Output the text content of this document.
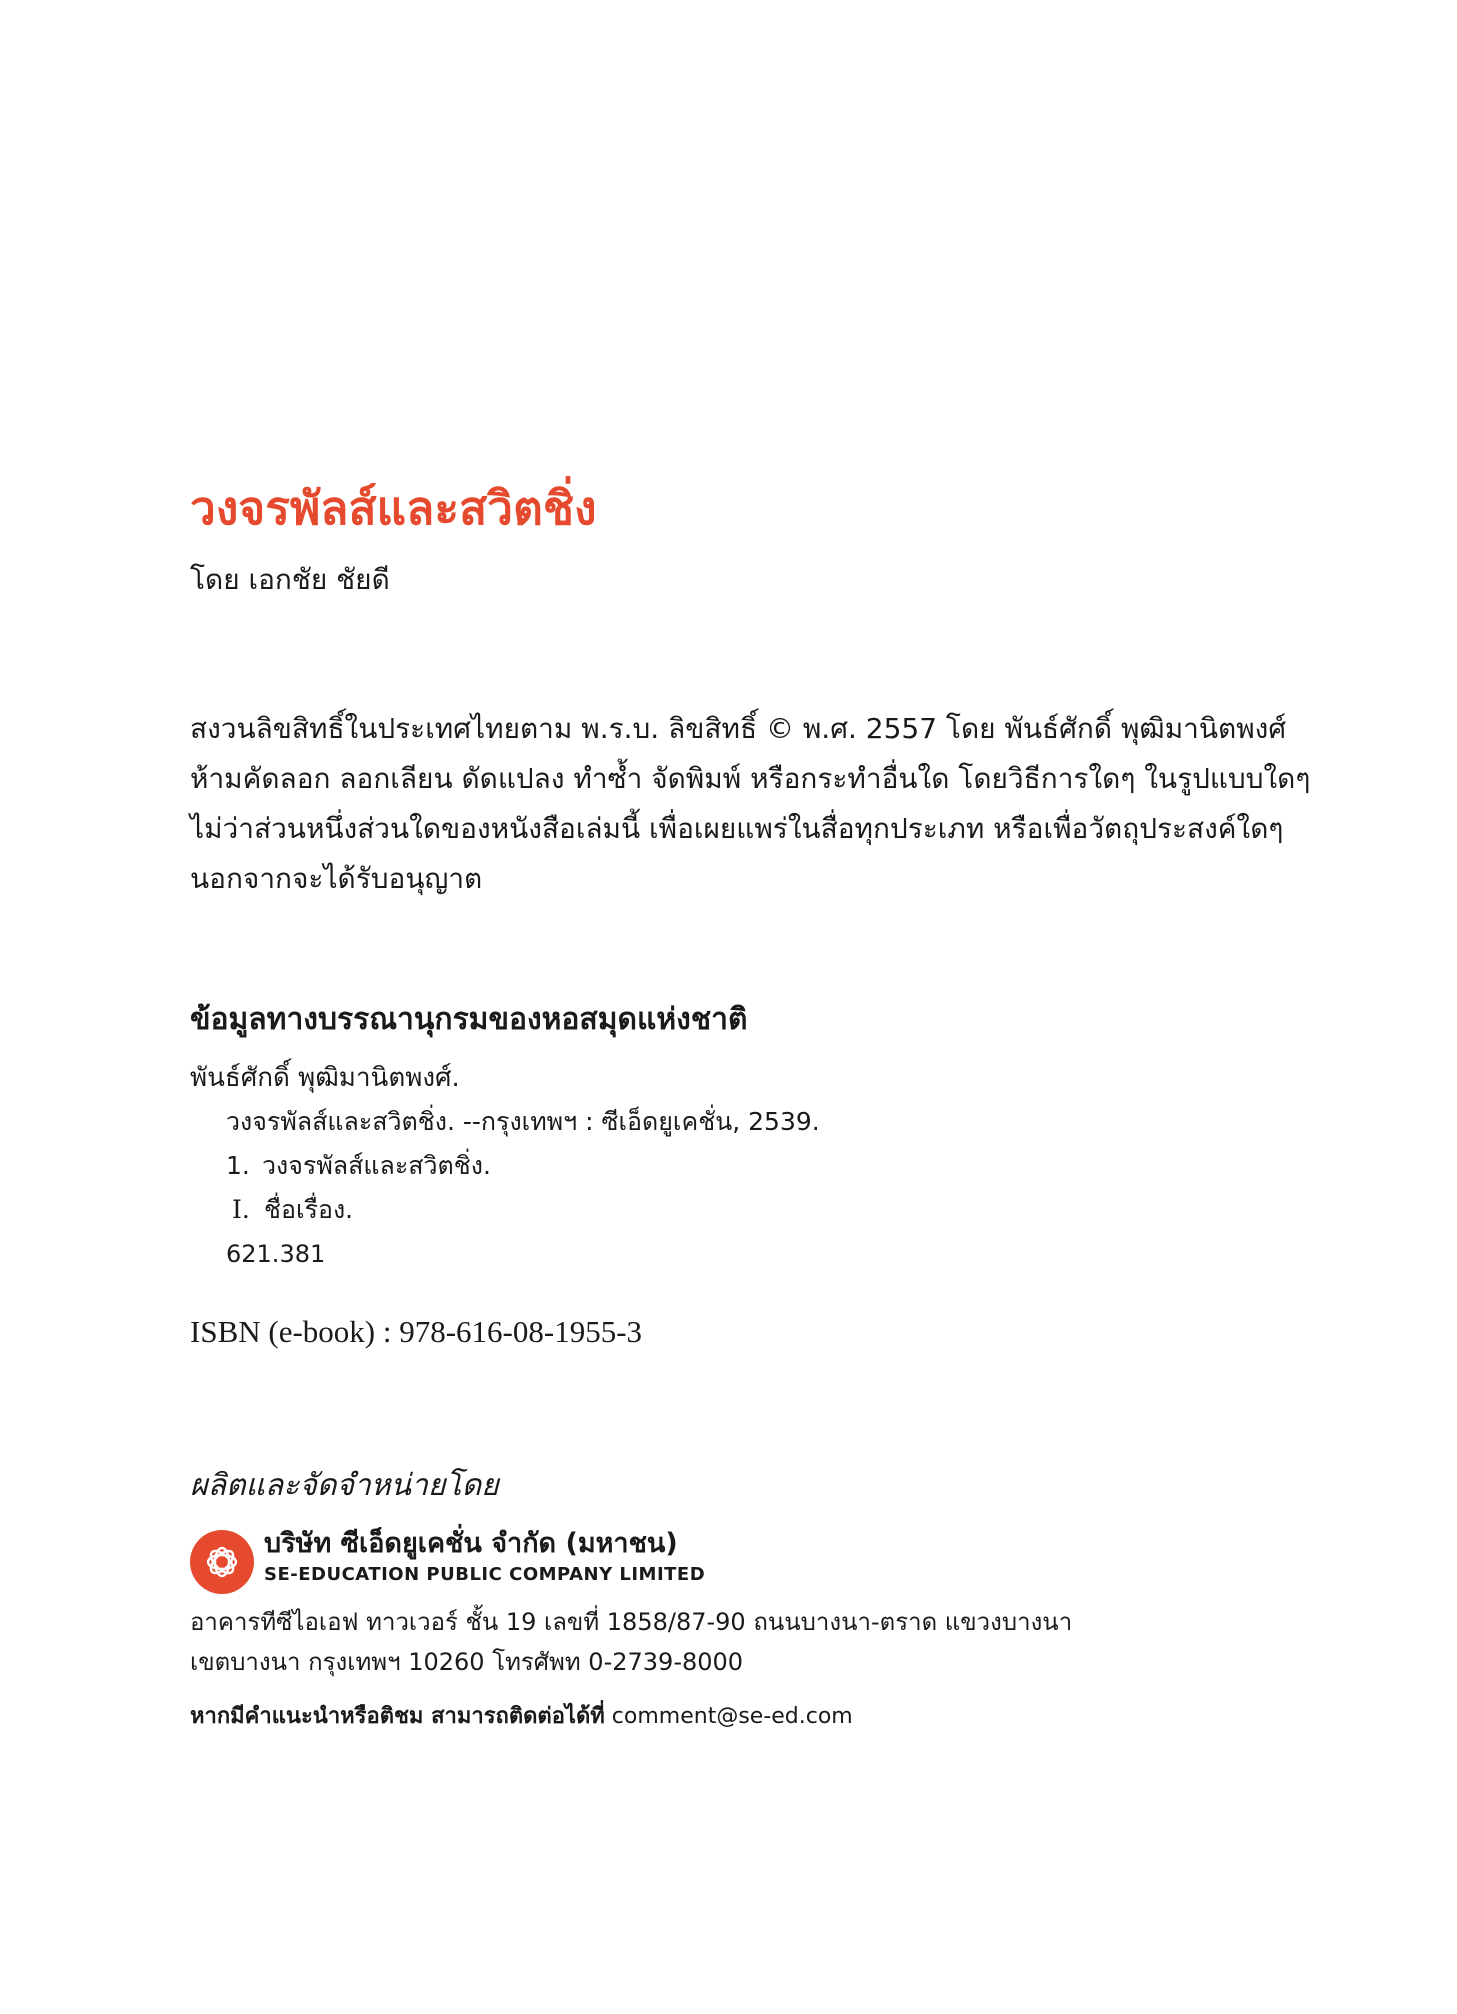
วงจรพัลส์และสวิตชิ่ง
โดย เอกชัย ชัยดี
สงวนลิขสิทธิ์ในประเทศไทยตาม พ.ร.บ. ลิขสิทธิ์ © พ.ศ. 2557 โดย พันธ์ศักดิ์ พุฒิมานิตพงศ์
ห้ามคัดลอก ลอกเลียน ดัดแปลง ทำซ้ำ จัดพิมพ์ หรือกระทำอื่นใด โดยวิธีการใดๆ ในรูปแบบใดๆ
ไม่ว่าส่วนหนึ่งส่วนใดของหนังสือเล่มนี้ เพื่อเผยแพร่ในสื่อทุกประเภท หรือเพื่อวัตถุประสงค์ใดๆ
นอกจากจะได้รับอนุญาต
ข้อมูลทางบรรณานุกรมของหอสมุดแห่งชาติ
พันธ์ศักดิ์ พุฒิมานิตพงศ์.
วงจรพัลส์และสวิตชิ่ง. --กรุงเทพฯ : ซีเอ็ดยูเคชั่น, 2539.
1. วงจรพัลส์และสวิตชิ่ง.
I. ชื่อเรื่อง.
621.381
ISBN (e-book) : 978-616-08-1955-3
ผลิตและจัดจำหน่ายโดย
บริษัท ซีเอ็ดยูเคชั่น จำกัด (มหาชน)
SE-EDUCATION PUBLIC COMPANY LIMITED
อาคารทีซีไอเอฟ ทาวเวอร์ ชั้น 19 เลขที่ 1858/87-90 ถนนบางนา-ตราด แขวงบางนา
เขตบางนา กรุงเทพฯ 10260 โทรศัพท 0-2739-8000
หากมีคำแนะนำหรือติชม สามารถติดต่อได้ที่ comment@se-ed.com
